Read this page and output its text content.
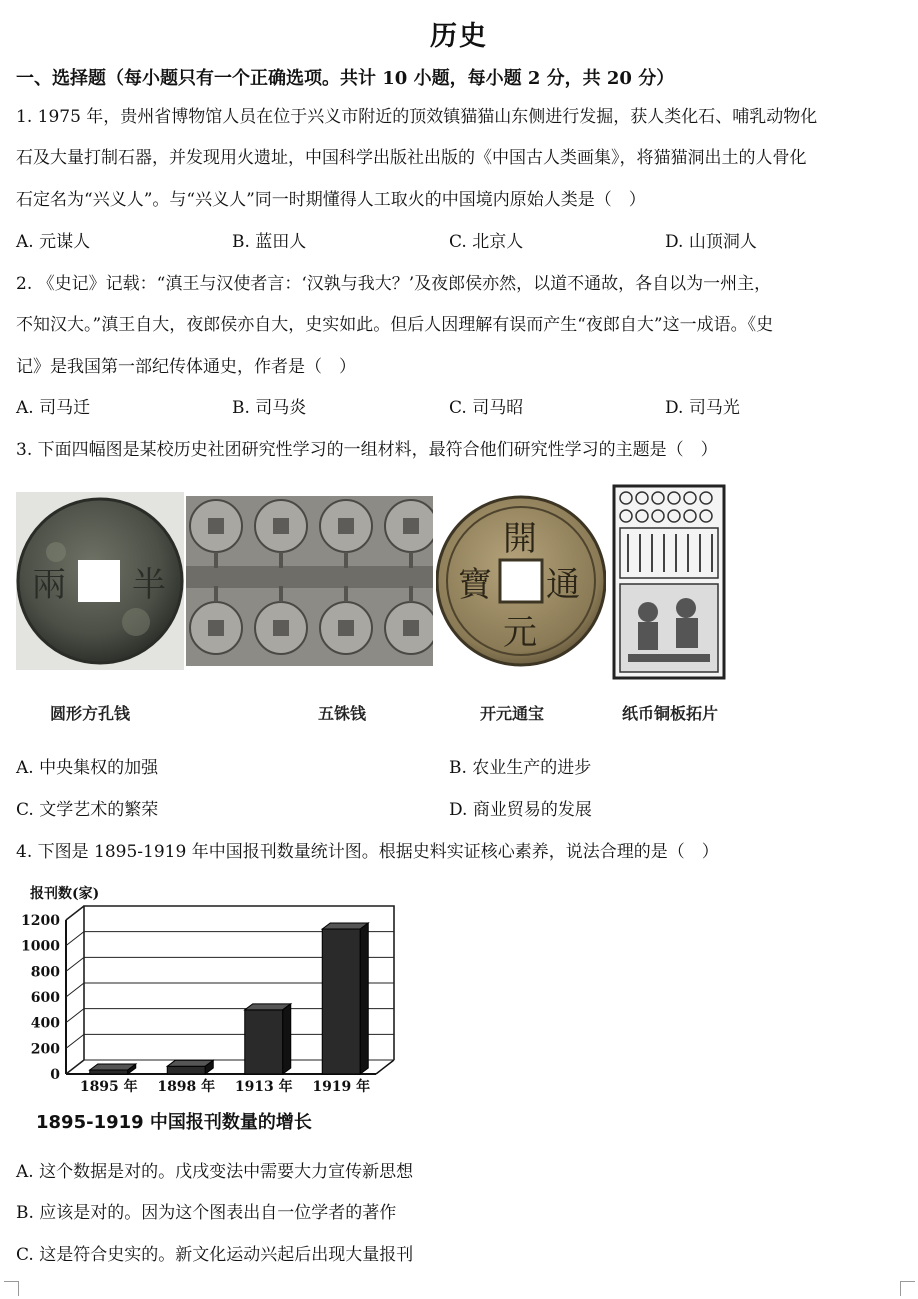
历史
一、选择题（每小题只有一个正确选项。共计 10 小题，每小题 2 分，共 20 分）
1. 1975 年，贵州省博物馆人员在位于兴义市附近的顶效镇猫猫山东侧进行发掘，获人类化石、哺乳动物化
石及大量打制石器，并发现用火遗址，中国科学出版社出版的《中国古人类画集》，将猫猫洞出土的人骨化
石定名为“兴义人”。与“兴义人”同一时期懂得人工取火的中国境内原始人类是（　）
A. 元谋人	B. 蓝田人	C. 北京人	D. 山顶洞人
2. 《史记》记载：“滇王与汉使者言：‘汉孰与我大？’及夜郎侯亦然，以道不通故，各自以为一州主，
不知汉大。”滇王自大，夜郎侯亦自大，史实如此。但后人因理解有误而产生“夜郎自大”这一成语。《史
记》是我国第一部纪传体通史，作者是（　）
A. 司马迁	B. 司马炎	C. 司马昭	D. 司马光
3. 下面四幅图是某校历史社团研究性学习的一组材料，最符合他们研究性学习的主题是（　）
兩 半
開
通
元
寶
圆形方孔钱	五铢钱	开元通宝	纸币铜板拓片
A. 中央集权的加强	B. 农业生产的进步
C. 文学艺术的繁荣	D. 商业贸易的发展
4. 下图是 1895-1919 年中国报刊数量统计图。根据史料实证核心素养，说法合理的是（　）
报刊数(家)
0
200
400
600
800
1000
1200
1895 年 1898 年 1913 年 1919 年
1895-1919 中国报刊数量的增长
A. 这个数据是对的。戊戌变法中需要大力宣传新思想
B. 应该是对的。因为这个图表出自一位学者的著作
C. 这是符合史实的。新文化运动兴起后出现大量报刊
